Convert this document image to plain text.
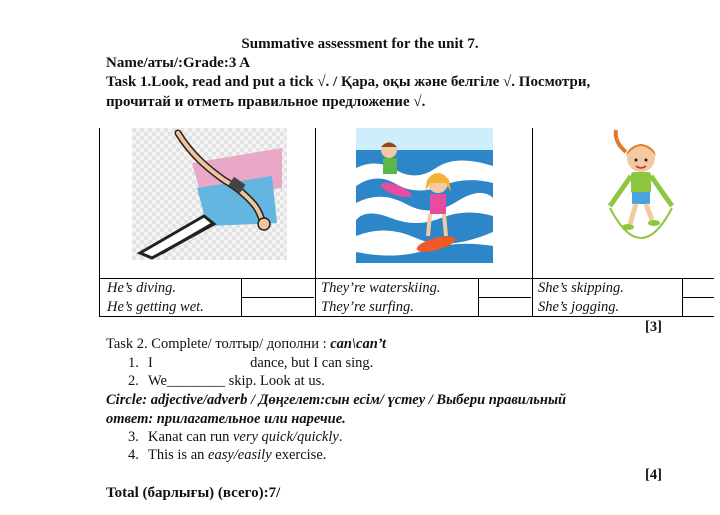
Summative assessment for the unit 7.
Name/аты/:Grade:3 A
Task 1.Look, read and put a tick √. / Қара, оқы және белгіле √. Посмотри,
прочитай и отметь правильное предложение √.
He’s diving.
He’s getting wet.
They’re waterskiing.
They’re surfing.
She’s skipping.
She’s jogging.
[3]
Task 2. Complete/ толтыр/ дополни : can\can’t
1. I	dance, but I can sing.
2. We________ skip. Look at us.
Circle: adjective/adverb / Дөңгелет:сын есім/ үстеу / Выбери правильный
ответ: прилагательное или наречие.
3. Kanat can run very quick/quickly.
4. This is an easy/easily exercise.
[4]
Total (барлығы) (всего):7/
